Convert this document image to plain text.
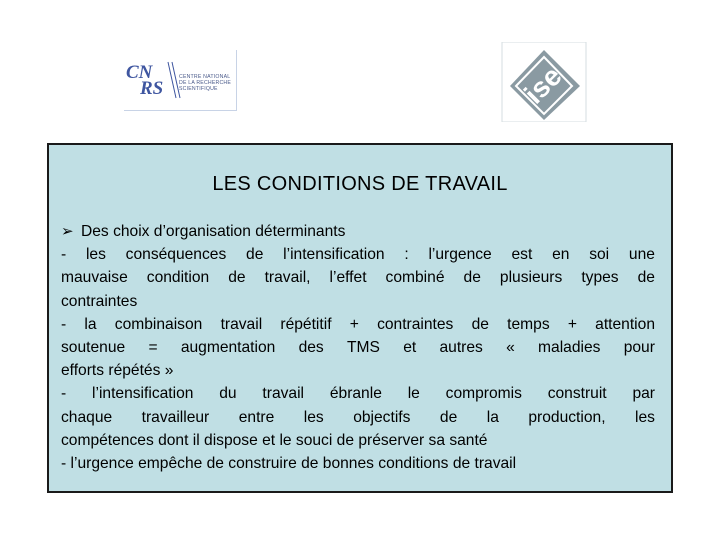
CN
RS
CENTRE NATIONAL
DE LA RECHERCHE
SCIENTIFIQUE	ise
LES CONDITIONS DE TRAVAIL
➢ Des choix d’organisation déterminants
- les conséquences de l’intensification : l’urgence est en soi une
mauvaise condition de travail, l’effet combiné de plusieurs types de
contraintes
- la combinaison travail répétitif + contraintes de temps + attention
soutenue = augmentation des TMS et autres « maladies pour
efforts répétés »
- l’intensification du travail ébranle le compromis construit par
chaque travailleur entre les objectifs de la production, les
compétences dont il dispose et le souci de préserver sa santé
- l’urgence empêche de construire de bonnes conditions de travail
